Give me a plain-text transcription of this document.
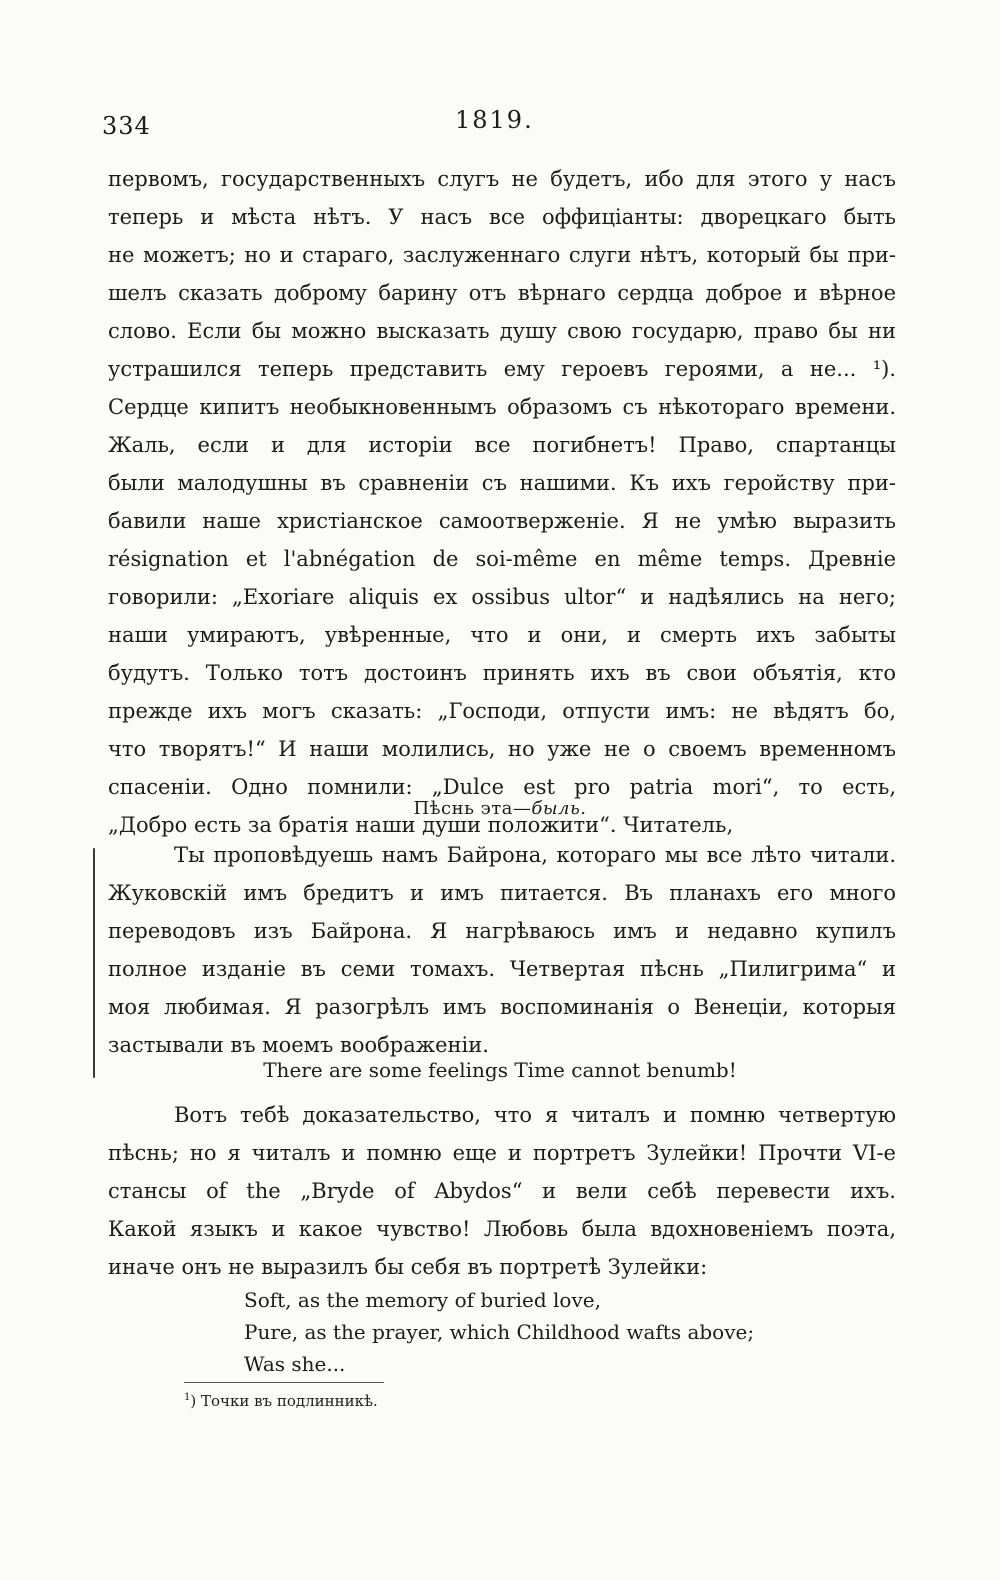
334	1819.
первомъ, государственныхъ слугъ не будетъ, ибо для этого у насъ
теперь и мѣста нѣтъ. У насъ все оффиціанты: дворецкаго быть
не можетъ; но и стараго, заслуженнаго слуги нѣтъ, который бы при-
шелъ сказать доброму барину отъ вѣрнаго сердца доброе и вѣрное
слово. Если бы можно высказать душу свою государю, право бы ни
устрашился теперь представить ему героевъ героями, а не... ¹).
Сердце кипитъ необыкновеннымъ образомъ съ нѣкотораго времени.
Жаль, если и для исторіи все погибнетъ! Право, спартанцы
были малодушны въ сравненіи съ нашими. Къ ихъ геройству при-
бавили наше христіанское самоотверженіе. Я не умѣю выразить
résignation et l'abnégation de soi-même en même temps. Древніе
говорили: „Exoriare aliquis ex ossibus ultor“ и надѣялись на него;
наши умираютъ, увѣренные, что и они, и смерть ихъ забыты
будутъ. Только тотъ достоинъ принять ихъ въ свои объятія, кто
прежде ихъ могъ сказать: „Господи, отпусти имъ: не вѣдятъ бо,
что творятъ!“ И наши молились, но уже не о своемъ временномъ
спасеніи. Одно помнили: „Dulce est pro patria mori“, то есть,
„Добро есть за братія наши души положити“. Читатель,
Пѣснь эта—быль.
Ты проповѣдуешь намъ Байрона, котораго мы все лѣто читали.
Жуковскій имъ бредитъ и имъ питается. Въ планахъ его много
переводовъ изъ Байрона. Я нагрѣваюсь имъ и недавно купилъ
полное изданіе въ семи томахъ. Четвертая пѣснь „Пилигрима“ и
моя любимая. Я разогрѣлъ имъ воспоминанія о Венеціи, которыя
застывали въ моемъ воображеніи.
There are some feelings Time cannot benumb!
Вотъ тебѣ доказательство, что я читалъ и помню четвертую
пѣснь; но я читалъ и помню еще и портретъ Зулейки! Прочти VI-е
стансы of the „Bryde of Abydos“ и вели себѣ перевести ихъ.
Какой языкъ и какое чувство! Любовь была вдохновеніемъ поэта,
иначе онъ не выразилъ бы себя въ портретѣ Зулейки:
Soft, as the memory of buried love,
Pure, as the prayer, which Childhood wafts above;
Was she...
$^1$) Точки въ подлинникѣ.
